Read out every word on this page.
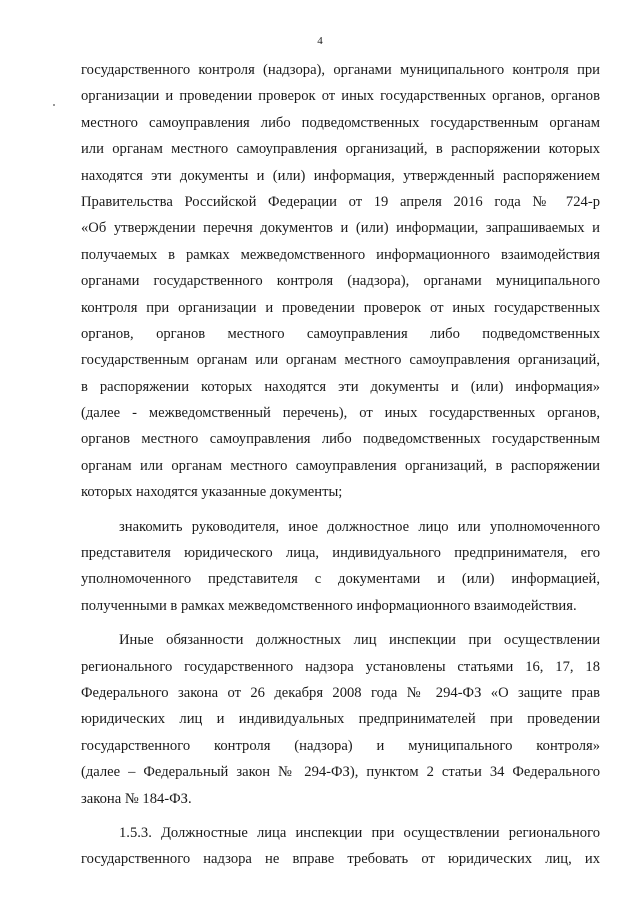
4
государственного контроля (надзора), органами муниципального контроля при
организации и проведении проверок от иных государственных органов, органов
местного самоуправления либо подведомственных государственным органам
или органам местного самоуправления организаций, в распоряжении которых
находятся эти документы и (или) информация, утвержденный распоряжением
Правительства Российской Федерации от 19 апреля 2016 года № 724-р
«Об утверждении перечня документов и (или) информации, запрашиваемых и
получаемых в рамках межведомственного информационного взаимодействия
органами государственного контроля (надзора), органами муниципального
контроля при организации и проведении проверок от иных государственных
органов, органов местного самоуправления либо подведомственных
государственным органам или органам местного самоуправления организаций,
в распоряжении которых находятся эти документы и (или) информация»
(далее - межведомственный перечень), от иных государственных органов,
органов местного самоуправления либо подведомственных государственным
органам или органам местного самоуправления организаций, в распоряжении
которых находятся указанные документы;
знакомить руководителя, иное должностное лицо или уполномоченного
представителя юридического лица, индивидуального предпринимателя, его
уполномоченного представителя с документами и (или) информацией,
полученными в рамках межведомственного информационного взаимодействия.
Иные обязанности должностных лиц инспекции при осуществлении
регионального государственного надзора установлены статьями 16, 17, 18
Федерального закона от 26 декабря 2008 года № 294-ФЗ «О защите прав
юридических лиц и индивидуальных предпринимателей при проведении
государственного контроля (надзора) и муниципального контроля»
(далее – Федеральный закон № 294-ФЗ), пунктом 2 статьи 34 Федерального
закона № 184-ФЗ.
1.5.3. Должностные лица инспекции при осуществлении регионального
государственного надзора не вправе требовать от юридических лиц, их
